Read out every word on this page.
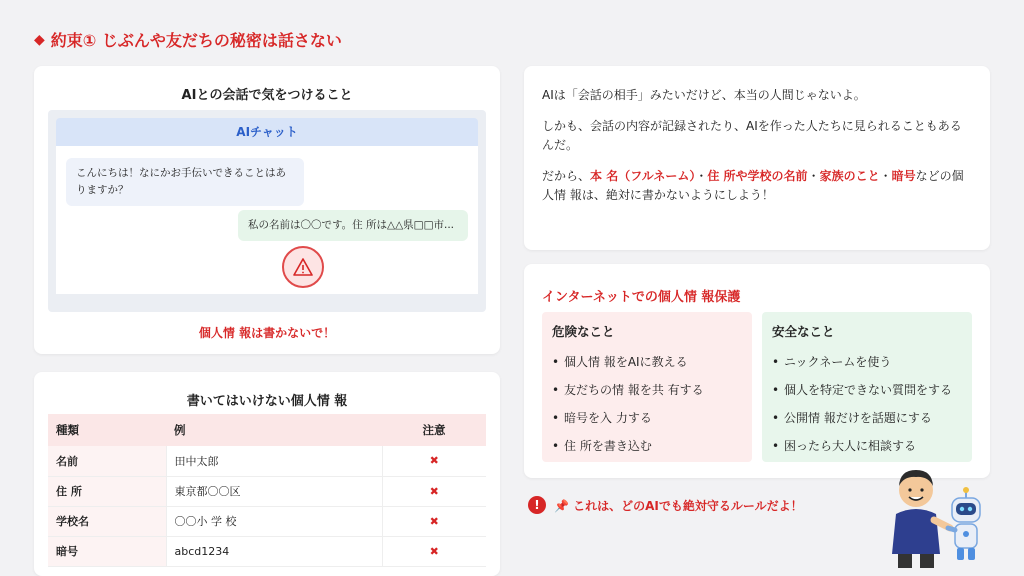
◆ 約束① じぶんや友だちの秘密は話さない
AIとの会話で気をつけること
AIチャット
こんにちは！なにかお手伝いできることはありますか？
私の名前は〇〇です。住 所は△△県□□市...
個人情 報は書かないで！
書いてはいけない個人情 報
種類	例	注意
名前	田中太郎	✖
住 所	東京都〇〇区	✖
学校名	〇〇小 学 校	✖
暗号	abcd1234	✖

AIは「会話の相手」みたいだけど、本当の人間じゃないよ。

しかも、会話の内容が記録されたり、AIを作った人たちに見られることもあるんだ。

だから、本 名（フルネーム）・住 所や学校の名前・家族のこと・暗号などの個人情 報は、絶対に書かないようにしよう！

インターネットでの個人情 報保護
危険なこと
• 個人情 報をAIに教える
• 友だちの情 報を共 有する
• 暗号を入 力する
• 住 所を書き込む
安全なこと
• ニックネームを使う
• 個人を特定できない質問をする
• 公開情 報だけを話題にする
• 困ったら大人に相談する
!	📌 これは、どのAIでも絶対守るルールだよ！
